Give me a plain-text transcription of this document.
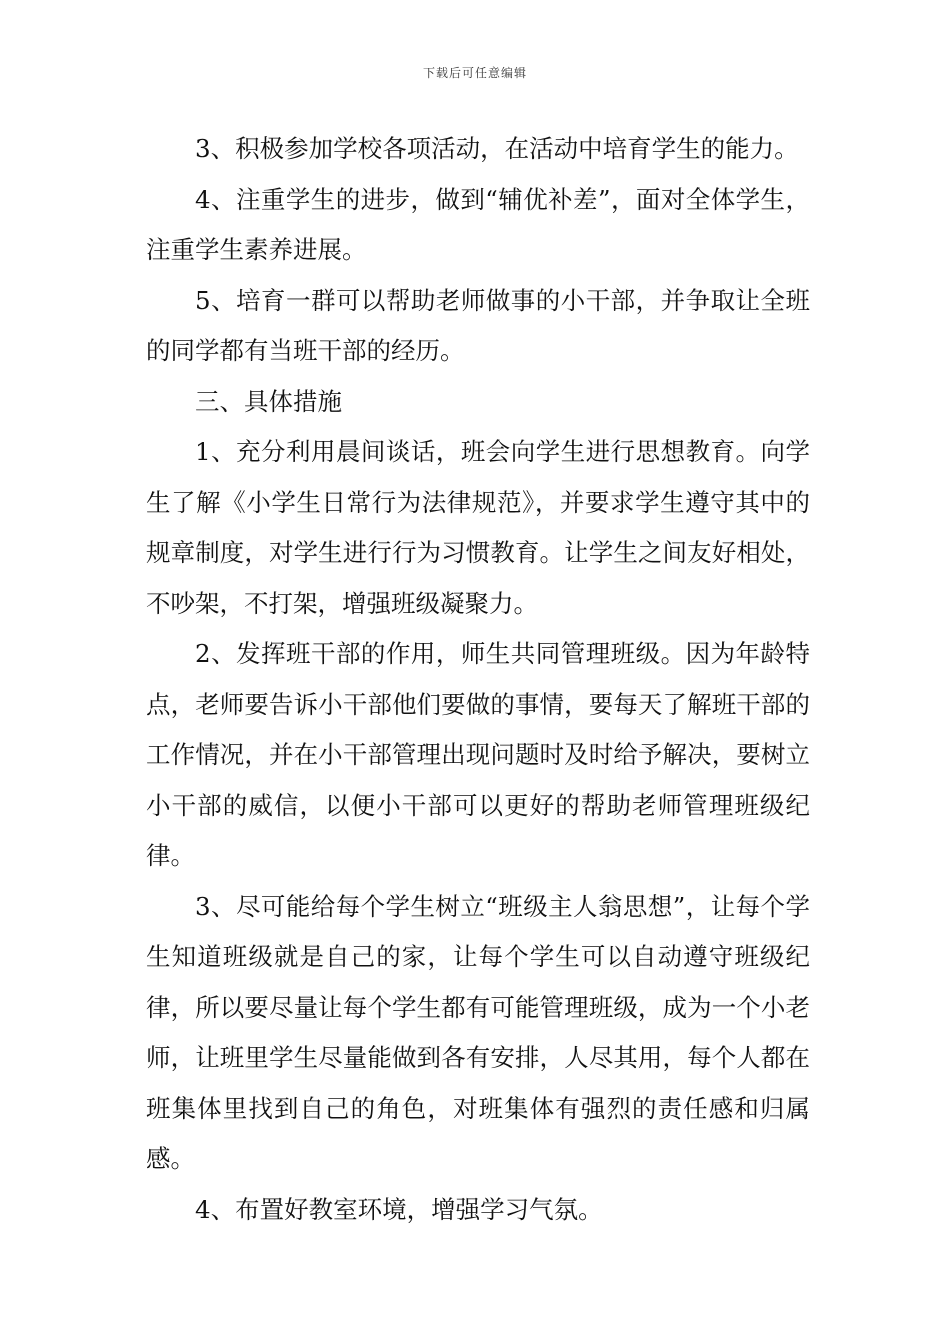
下载后可任意编辑

3、积极参加学校各项活动，在活动中培育学生的能力。

4、注重学生的进步，做到“辅优补差”，面对全体学生，注重学生素养进展。

5、培育一群可以帮助老师做事的小干部，并争取让全班的同学都有当班干部的经历。

三、具体措施

1、充分利用晨间谈话，班会向学生进行思想教育。向学生了解《小学生日常行为法律规范》，并要求学生遵守其中的规章制度，对学生进行行为习惯教育。让学生之间友好相处，不吵架，不打架，增强班级凝聚力。

2、发挥班干部的作用，师生共同管理班级。因为年龄特点，老师要告诉小干部他们要做的事情，要每天了解班干部的工作情况，并在小干部管理出现问题时及时给予解决，要树立小干部的威信，以便小干部可以更好的帮助老师管理班级纪律。

3、尽可能给每个学生树立“班级主人翁思想”，让每个学生知道班级就是自己的家，让每个学生可以自动遵守班级纪律，所以要尽量让每个学生都有可能管理班级，成为一个小老师，让班里学生尽量能做到各有安排，人尽其用，每个人都在班集体里找到自己的角色，对班集体有强烈的责任感和归属感。

4、布置好教室环境，增强学习气氛。
